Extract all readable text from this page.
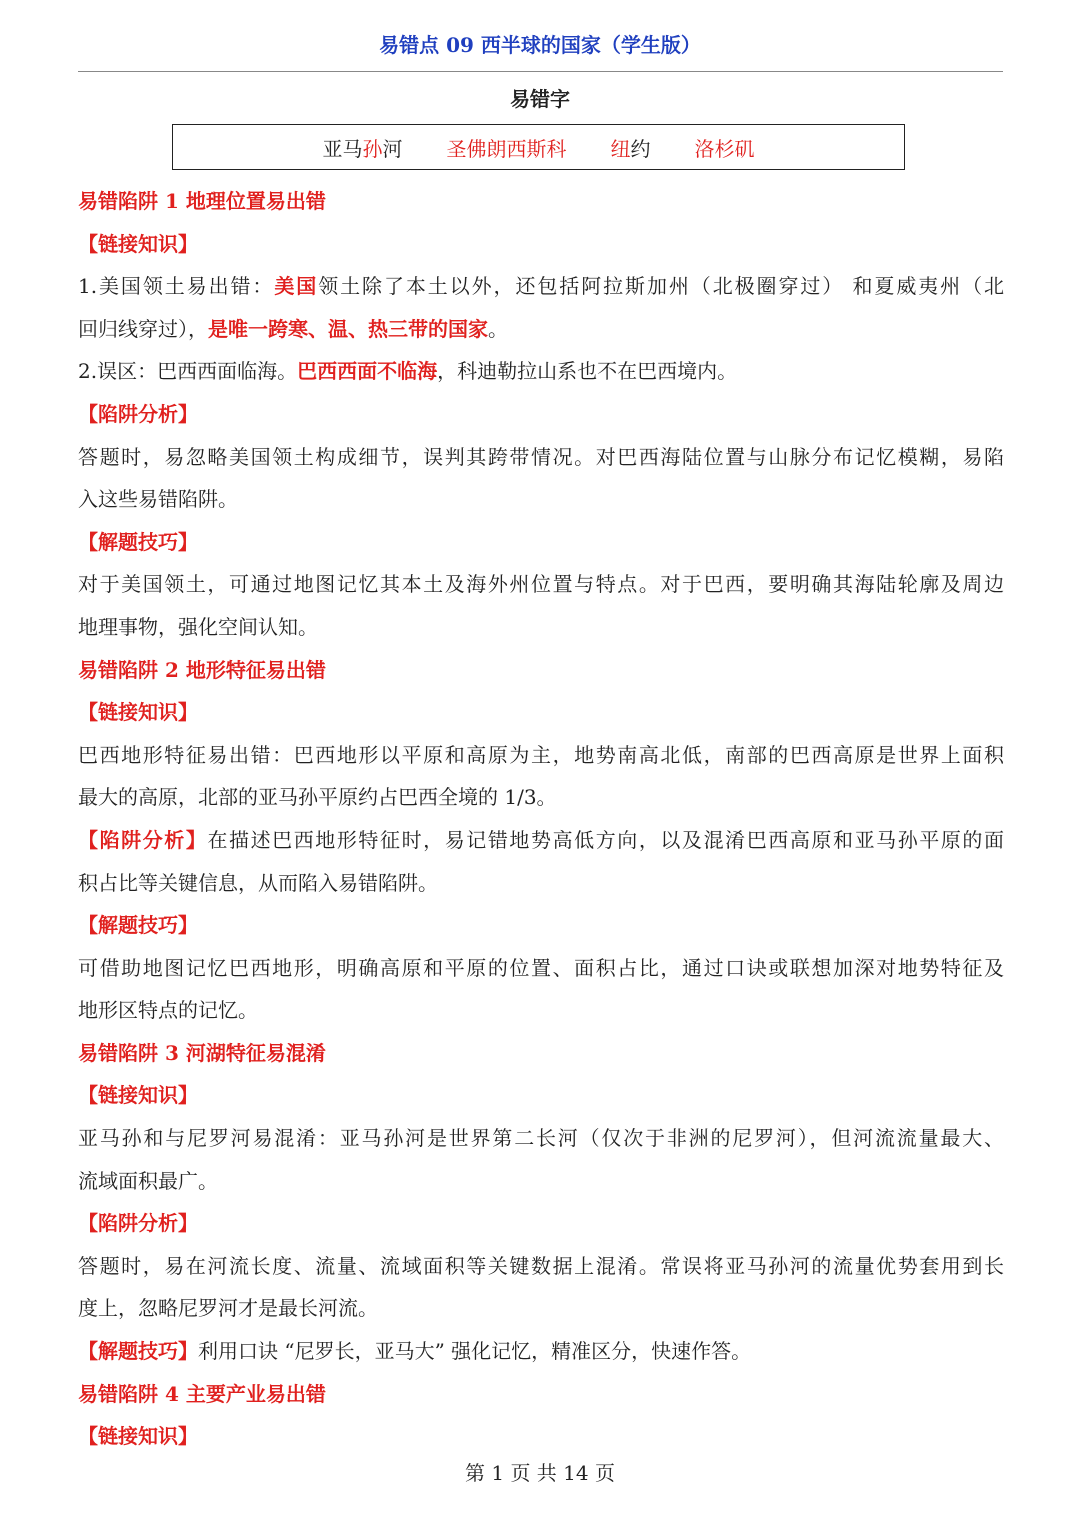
易错点 09 西半球的国家（学生版）
易错字
亚马孙河 圣佛朗西斯科 纽约 洛杉矶
易错陷阱 1 地理位置易出错
【链接知识】
1.美国领土易出错：美国领土除了本土以外，还包括阿拉斯加州（北极圈穿过） 和夏威夷州（北
回归线穿过），是唯一跨寒、温、热三带的国家。
2.误区：巴西西面临海。巴西西面不临海，科迪勒拉山系也不在巴西境内。
【陷阱分析】
答题时，易忽略美国领土构成细节，误判其跨带情况。对巴西海陆位置与山脉分布记忆模糊，易陷
入这些易错陷阱。
【解题技巧】
对于美国领土，可通过地图记忆其本土及海外州位置与特点。对于巴西，要明确其海陆轮廓及周边
地理事物，强化空间认知。
易错陷阱 2 地形特征易出错
【链接知识】
巴西地形特征易出错：巴西地形以平原和高原为主，地势南高北低，南部的巴西高原是世界上面积
最大的高原，北部的亚马孙平原约占巴西全境的 1/3。
【陷阱分析】在描述巴西地形特征时，易记错地势高低方向，以及混淆巴西高原和亚马孙平原的面
积占比等关键信息，从而陷入易错陷阱。
【解题技巧】
可借助地图记忆巴西地形，明确高原和平原的位置、面积占比，通过口诀或联想加深对地势特征及
地形区特点的记忆。
易错陷阱 3 河湖特征易混淆
【链接知识】
亚马孙和与尼罗河易混淆：亚马孙河是世界第二长河（仅次于非洲的尼罗河），但河流流量最大、
流域面积最广。
【陷阱分析】
答题时，易在河流长度、流量、流域面积等关键数据上混淆。常误将亚马孙河的流量优势套用到长
度上，忽略尼罗河才是最长河流。
【解题技巧】利用口诀 “尼罗长，亚马大” 强化记忆，精准区分，快速作答。
易错陷阱 4 主要产业易出错
【链接知识】
第 1 页 共 14 页
